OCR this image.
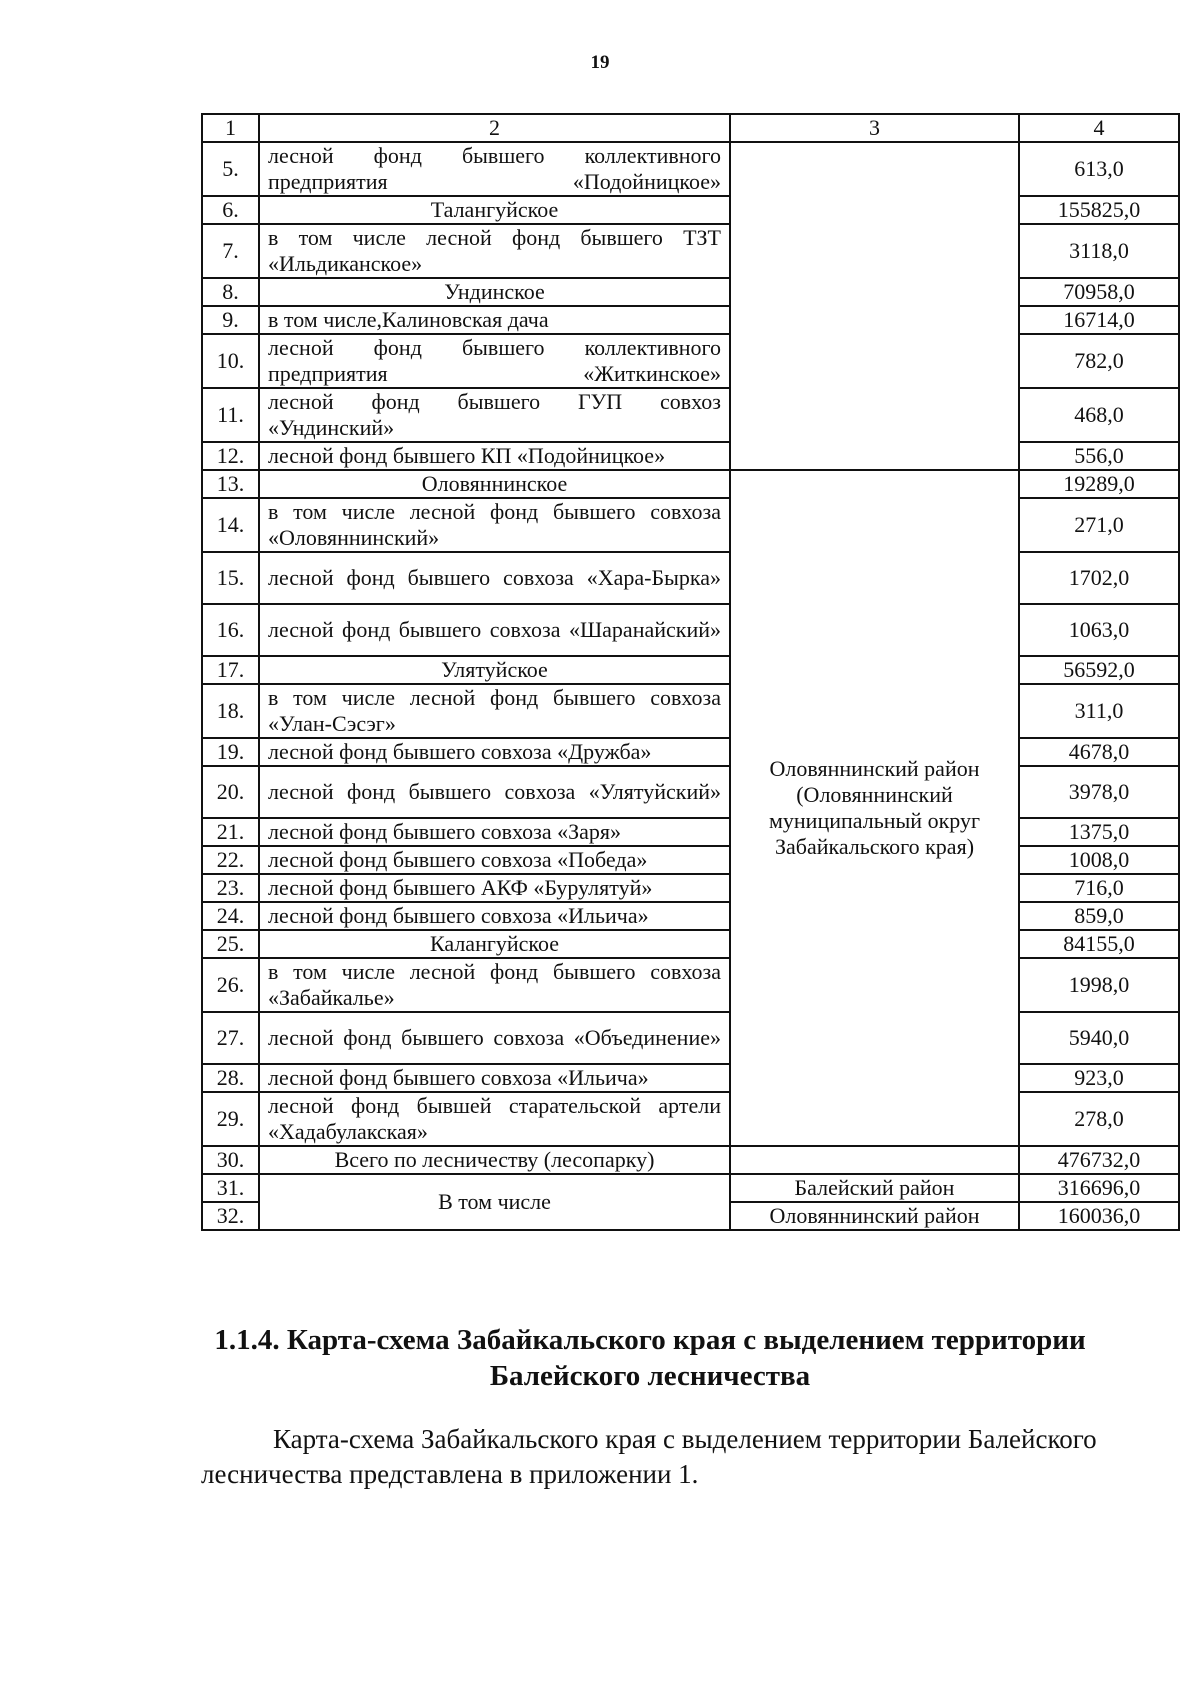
19
1	2	3	4
5.	лесной фонд бывшего коллективного предприятия «Подойницкое»		613,0
6.	Талангуйское		155825,0
7.	в том числе лесной фонд бывшего ТЗТ «Ильдиканское»		3118,0
8.	Ундинское		70958,0
9.	в том числе,Калиновская дача		16714,0
10.	лесной фонд бывшего коллективного предприятия «Житкинское»		782,0
11.	лесной фонд бывшего ГУП совхоз «Ундинский»		468,0
12.	лесной фонд бывшего КП «Подойницкое»		556,0
13.	Оловяннинское	Оловяннинский район (Оловяннинский муниципальный округ Забайкальского края)	19289,0
14.	в том числе лесной фонд бывшего совхоза «Оловяннинский»		271,0
15.	лесной фонд бывшего совхоза «Хара-Бырка»		1702,0
16.	лесной фонд бывшего совхоза «Шаранайский»		1063,0
17.	Улятуйское		56592,0
18.	в том числе лесной фонд бывшего совхоза «Улан-Сэсэг»		311,0
19.	лесной фонд бывшего совхоза «Дружба»		4678,0
20.	лесной фонд бывшего совхоза «Улятуйский»		3978,0
21.	лесной фонд бывшего совхоза «Заря»		1375,0
22.	лесной фонд бывшего совхоза «Победа»		1008,0
23.	лесной фонд бывшего АКФ «Бурулятуй»		716,0
24.	лесной фонд бывшего совхоза «Ильича»		859,0
25.	Калангуйское		84155,0
26.	в том числе лесной фонд бывшего совхоза «Забайкалье»		1998,0
27.	лесной фонд бывшего совхоза «Объединение»		5940,0
28.	лесной фонд бывшего совхоза «Ильича»		923,0
29.	лесной фонд бывшей старательской артели «Хадабулакская»		278,0
30.	Всего по лесничеству (лесопарку)		476732,0
31.	В том числе	Балейский район	316696,0
32.		Оловяннинский район	160036,0
1.1.4. Карта-схема Забайкальского края с выделением территории Балейского лесничества

Карта-схема Забайкальского края с выделением территории Балейского лесничества представлена в приложении 1.
